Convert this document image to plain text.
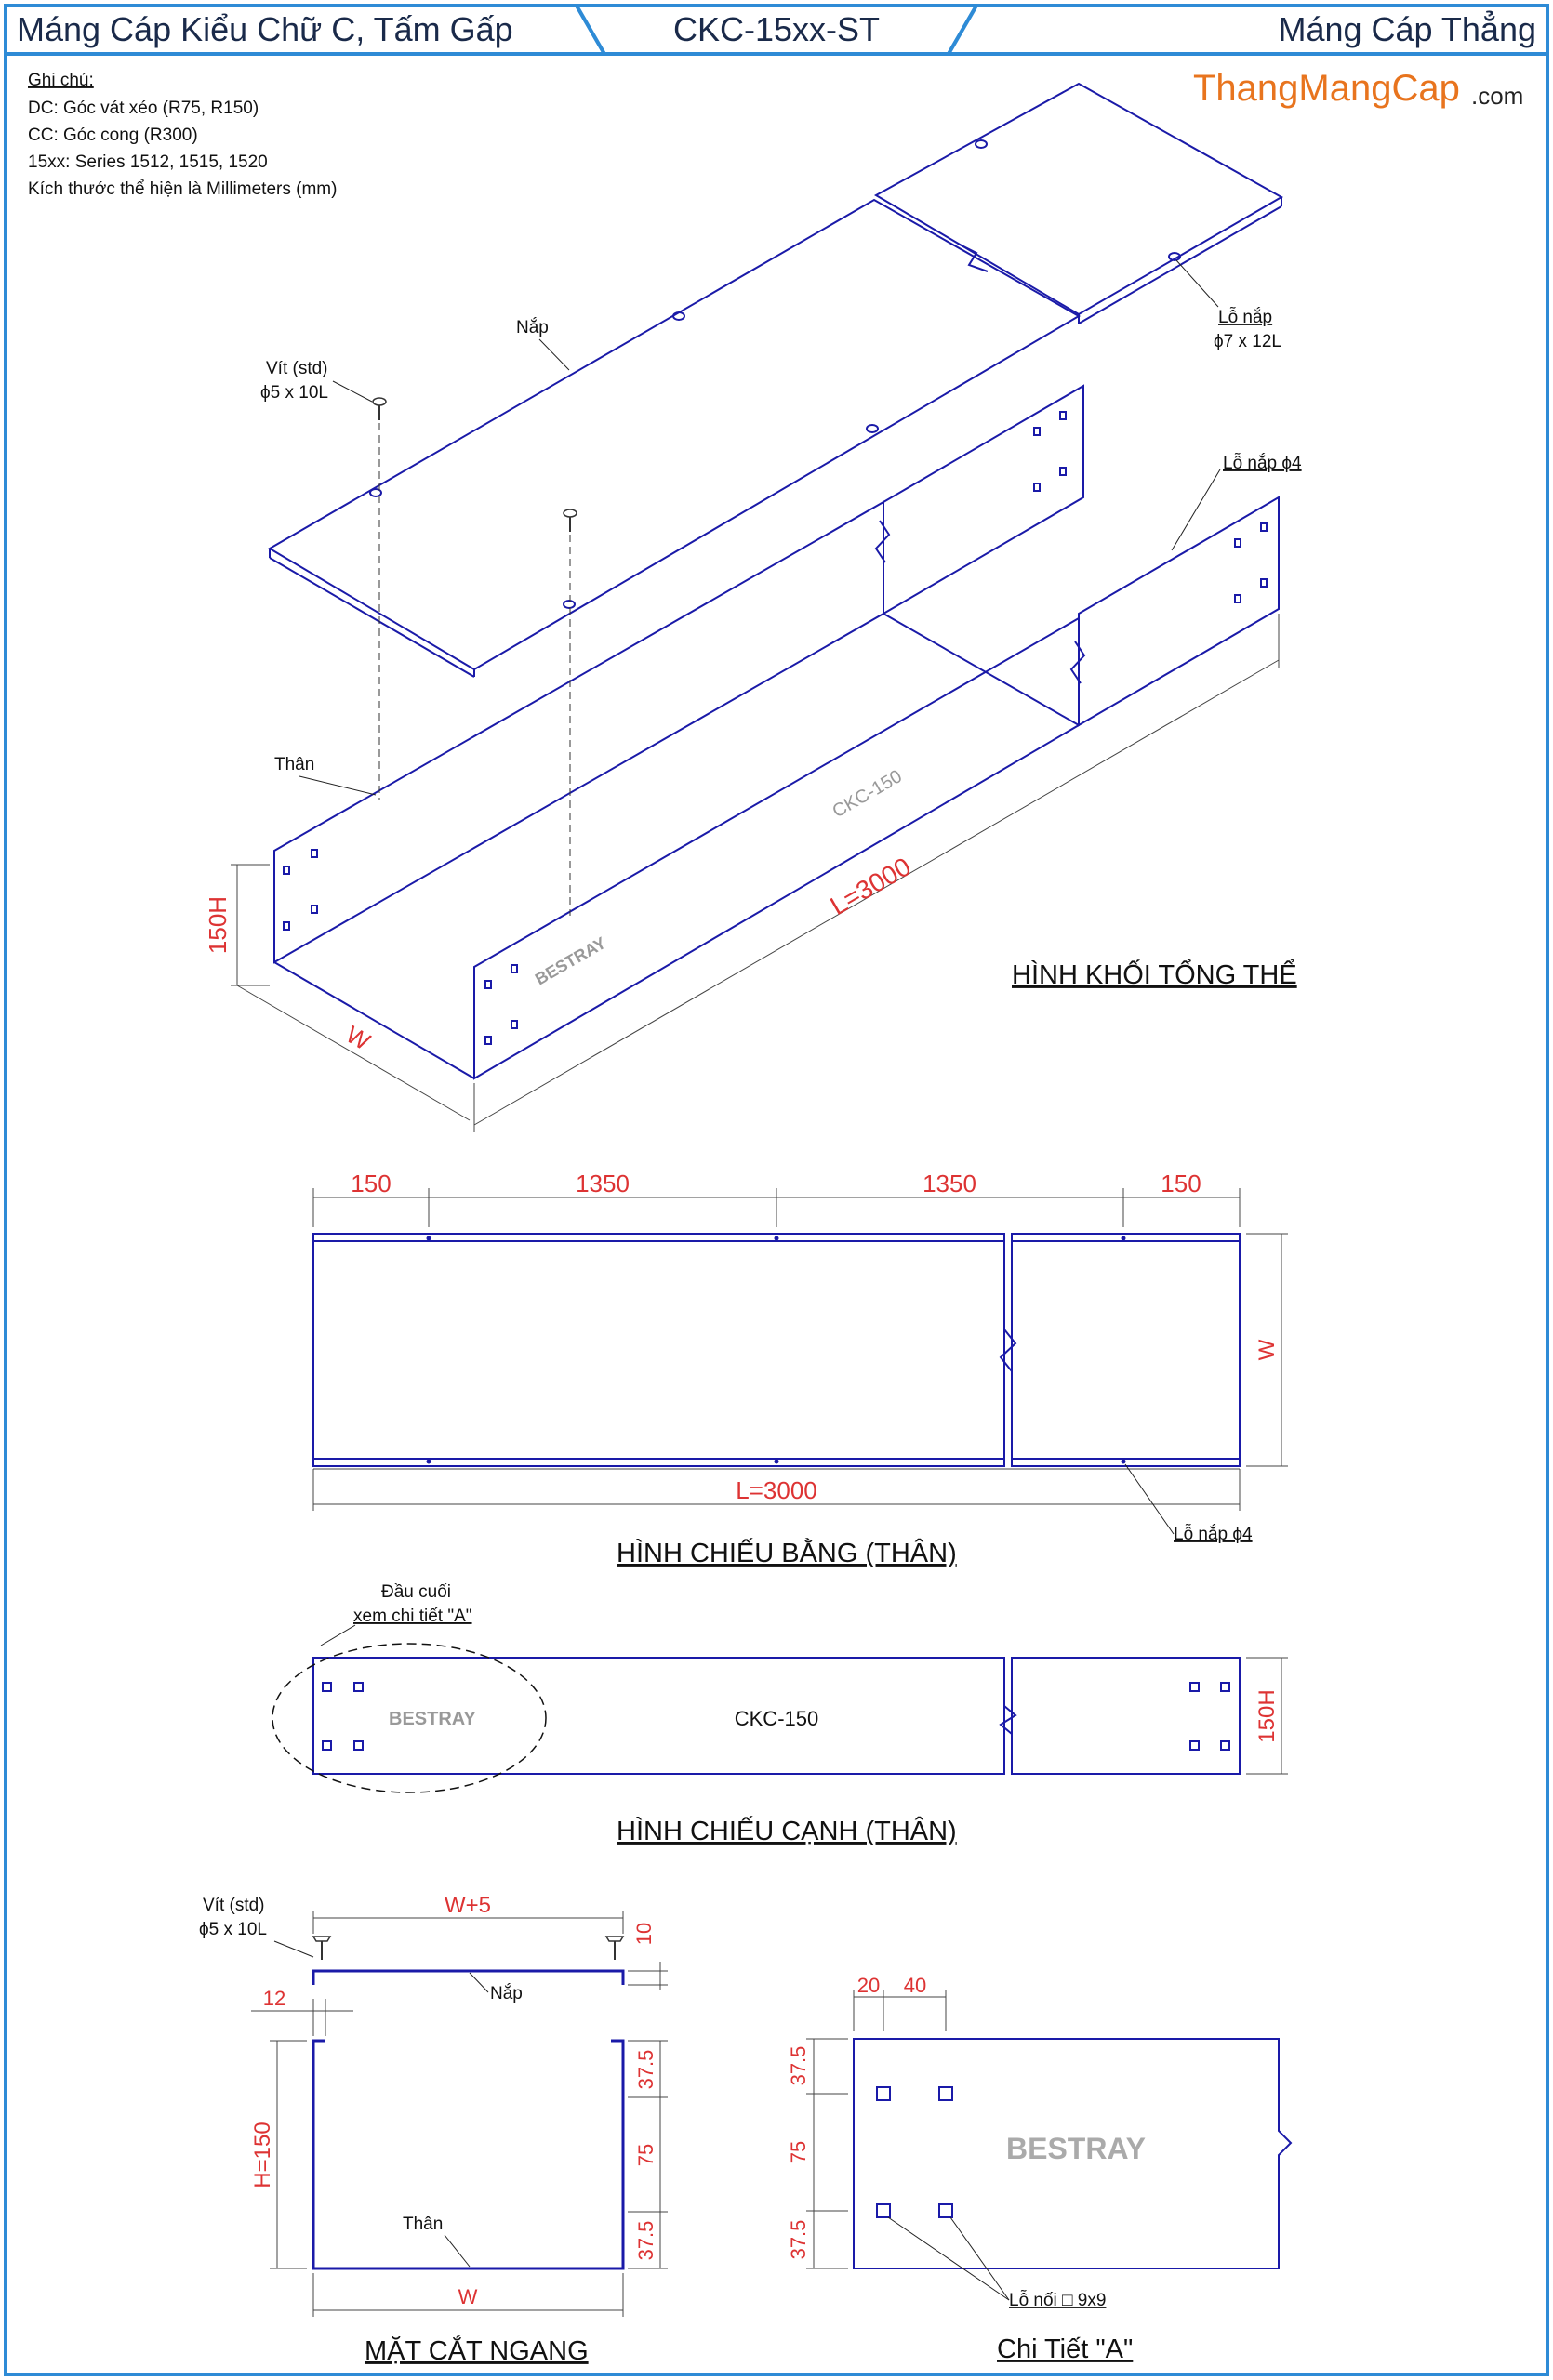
Máng Cáp Kiểu Chữ C, Tấm Gấp	CKC-15xx-ST	Máng Cáp Thẳng
ThangMangCap .com
Ghi chú:
DC: Góc vát xéo (R75, R150)
CC: Góc cong (R300)
15xx: Series 1512, 1515, 1520
Kích thước thể hiện là Millimeters (mm)
CKC-150
BESTRAY
150H
W
L=3000
Nắp
Vít (std)
ϕ5 x 10L
Lỗ nắp
ϕ7 x 12L
Lỗ nắp ϕ4
Thân
HÌNH KHỐI TỔNG THỂ
150	1350	1350	150
L=3000
W
Lỗ nắp ϕ4
HÌNH CHIẾU BẰNG (THÂN)
BESTRAY	CKC-150	150H
Đầu cuối
xem chi tiết "A"
HÌNH CHIẾU CẠNH (THÂN)
W+5
10
12
H=150
37.5
75
37.5
W
Vít (std)
ϕ5 x 10L
Nắp
Thân
MẶT CẮT NGANG
BESTRAY
20 40
37.5
75
37.5
Lỗ nối □ 9x9
Chi Tiết "A"
